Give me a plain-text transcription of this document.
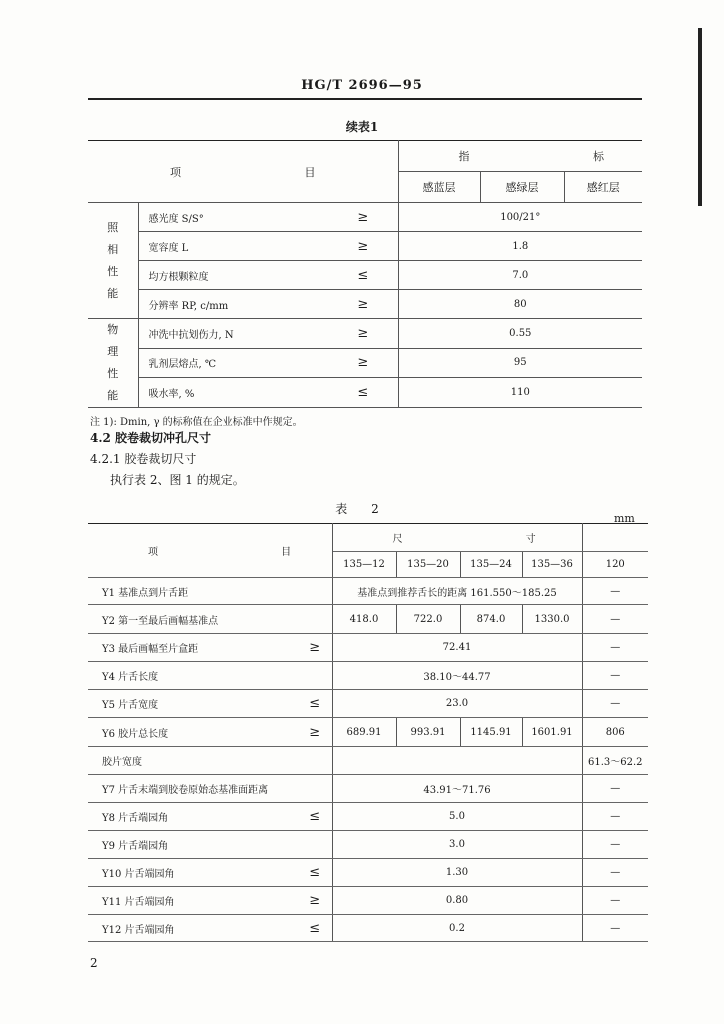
HG/T 2696—95
续表1
项 目			指 标		
			感蓝层	感绿层	感红层
照相性能	感光度 S/S°	≥	100/21°		
	宽容度 L	≥	1.8		
	均方根颗粒度	≤	7.0		
	分辨率 RP, c/mm	≥	80		
物理性能	冲洗中抗划伤力, N	≥	0.55		
	乳剂层熔点, ℃	≥	95		
	吸水率, %	≤	110		
注 1): Dmin, γ 的标称值在企业标准中作规定。
4.2 胶卷裁切冲孔尺寸
4.2.1 胶卷裁切尺寸
执行表 2、图 1 的规定。
表 2
mm
项 目		尺 寸				
		135—12	135—20	135—24	135—36	120
Y1 基准点到片舌距		基准点到推荐舌长的距离 161.550～185.25				—
Y2 第一至最后画幅基准点		418.0	722.0	874.0	1330.0	—
Y3 最后画幅至片盒距	≥	72.41				—
Y4 片舌长度		38.10～44.77				—
Y5 片舌宽度	≤	23.0				—
Y6 胶片总长度	≥	689.91	993.91	1145.91	1601.91	806
胶片宽度						61.3～62.2
Y7 片舌末端到胶卷原始态基准面距离		43.91～71.76				—
Y8 片舌端园角	≤	5.0				—
Y9 片舌端园角		3.0				—
Y10 片舌端园角	≤	1.30				—
Y11 片舌端园角	≥	0.80				—
Y12 片舌端园角	≤	0.2				—
2
